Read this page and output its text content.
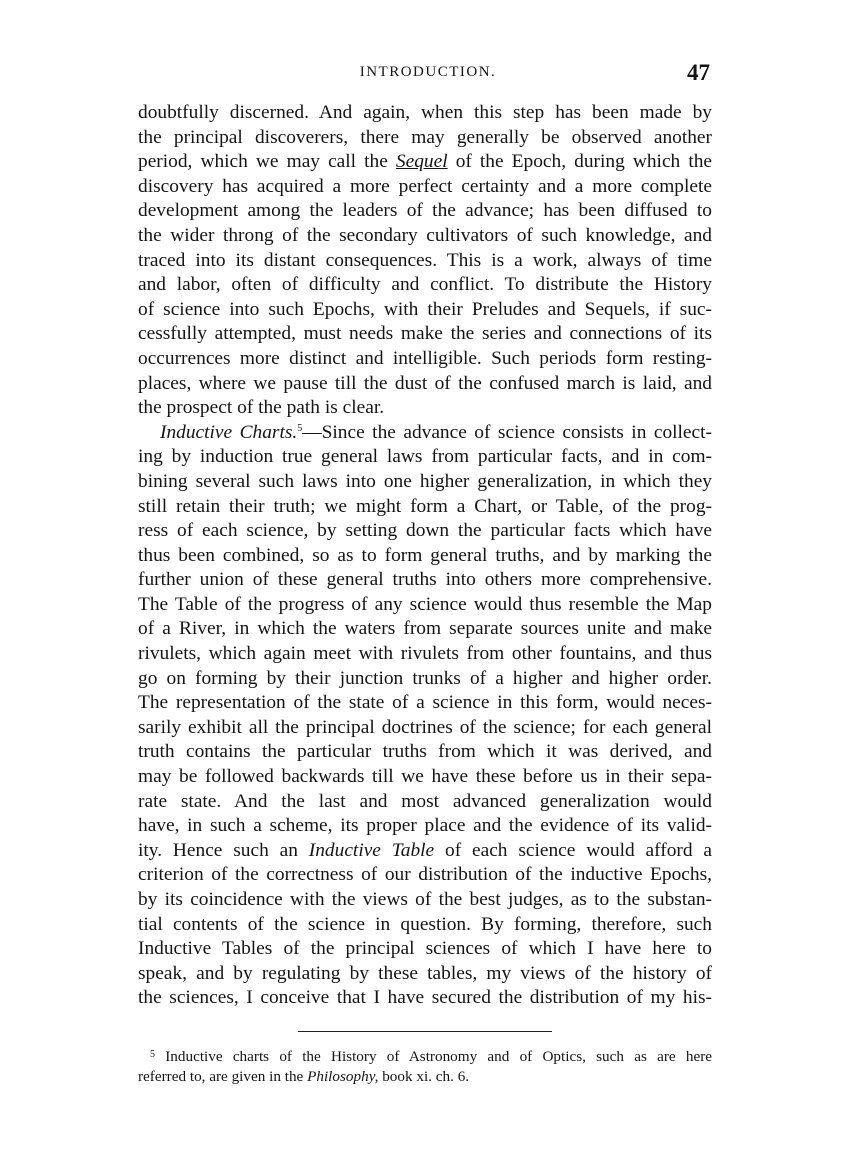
INTRODUCTION.	47
doubtfully discerned. And again, when this step has been made by
the principal discoverers, there may generally be observed another
period, which we may call the Sequel of the Epoch, during which the
discovery has acquired a more perfect certainty and a more complete
development among the leaders of the advance; has been diffused to
the wider throng of the secondary cultivators of such knowledge, and
traced into its distant consequences. This is a work, always of time
and labor, often of difficulty and conflict. To distribute the History
of science into such Epochs, with their Preludes and Sequels, if suc-
cessfully attempted, must needs make the series and connections of its
occurrences more distinct and intelligible. Such periods form resting-
places, where we pause till the dust of the confused march is laid, and
the prospect of the path is clear.
Inductive Charts.$^5$—Since the advance of science consists in collect-
ing by induction true general laws from particular facts, and in com-
bining several such laws into one higher generalization, in which they
still retain their truth; we might form a Chart, or Table, of the prog-
ress of each science, by setting down the particular facts which have
thus been combined, so as to form general truths, and by marking the
further union of these general truths into others more comprehensive.
The Table of the progress of any science would thus resemble the Map
of a River, in which the waters from separate sources unite and make
rivulets, which again meet with rivulets from other fountains, and thus
go on forming by their junction trunks of a higher and higher order.
The representation of the state of a science in this form, would neces-
sarily exhibit all the principal doctrines of the science; for each general
truth contains the particular truths from which it was derived, and
may be followed backwards till we have these before us in their sepa-
rate state. And the last and most advanced generalization would
have, in such a scheme, its proper place and the evidence of its valid-
ity. Hence such an Inductive Table of each science would afford a
criterion of the correctness of our distribution of the inductive Epochs,
by its coincidence with the views of the best judges, as to the substan-
tial contents of the science in question. By forming, therefore, such
Inductive Tables of the principal sciences of which I have here to
speak, and by regulating by these tables, my views of the history of
the sciences, I conceive that I have secured the distribution of my his-
$^5$ Inductive charts of the History of Astronomy and of Optics, such as are here
referred to, are given in the Philosophy, book xi. ch. 6.
